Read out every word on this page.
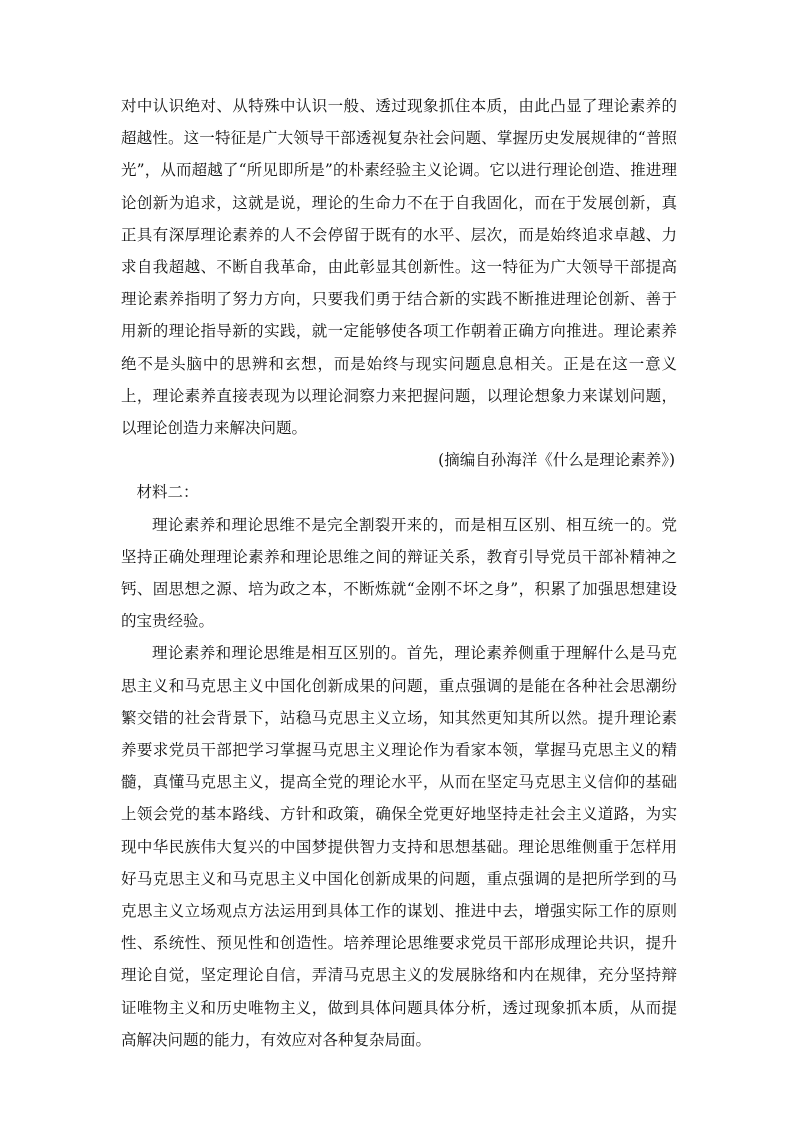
对中认识绝对、从特殊中认识一般、透过现象抓住本质，由此凸显了理论素养的超越性。这一特征是广大领导干部透视复杂社会问题、掌握历史发展规律的“普照光”，从而超越了“所见即所是”的朴素经验主义论调。它以进行理论创造、推进理论创新为追求，这就是说，理论的生命力不在于自我固化，而在于发展创新，真正具有深厚理论素养的人不会停留于既有的水平、层次，而是始终追求卓越、力求自我超越、不断自我革命，由此彰显其创新性。这一特征为广大领导干部提高理论素养指明了努力方向，只要我们勇于结合新的实践不断推进理论创新、善于用新的理论指导新的实践，就一定能够使各项工作朝着正确方向推进。理论素养绝不是头脑中的思辨和玄想，而是始终与现实问题息息相关。正是在这一意义上，理论素养直接表现为以理论洞察力来把握问题，以理论想象力来谋划问题，以理论创造力来解决问题。

(摘编自孙海洋《什么是理论素养》)

材料二：

理论素养和理论思维不是完全割裂开来的，而是相互区别、相互统一的。党坚持正确处理理论素养和理论思维之间的辩证关系，教育引导党员干部补精神之钙、固思想之源、培为政之本，不断炼就“金刚不坏之身”，积累了加强思想建设的宝贵经验。

理论素养和理论思维是相互区别的。首先，理论素养侧重于理解什么是马克思主义和马克思主义中国化创新成果的问题，重点强调的是能在各种社会思潮纷繁交错的社会背景下，站稳马克思主义立场，知其然更知其所以然。提升理论素养要求党员干部把学习掌握马克思主义理论作为看家本领，掌握马克思主义的精髓，真懂马克思主义，提高全党的理论水平，从而在坚定马克思主义信仰的基础上领会党的基本路线、方针和政策，确保全党更好地坚持走社会主义道路，为实现中华民族伟大复兴的中国梦提供智力支持和思想基础。理论思维侧重于怎样用好马克思主义和马克思主义中国化创新成果的问题，重点强调的是把所学到的马克思主义立场观点方法运用到具体工作的谋划、推进中去，增强实际工作的原则性、系统性、预见性和创造性。培养理论思维要求党员干部形成理论共识，提升理论自觉，坚定理论自信，弄清马克思主义的发展脉络和内在规律，充分坚持辩证唯物主义和历史唯物主义，做到具体问题具体分析，透过现象抓本质，从而提高解决问题的能力，有效应对各种复杂局面。
